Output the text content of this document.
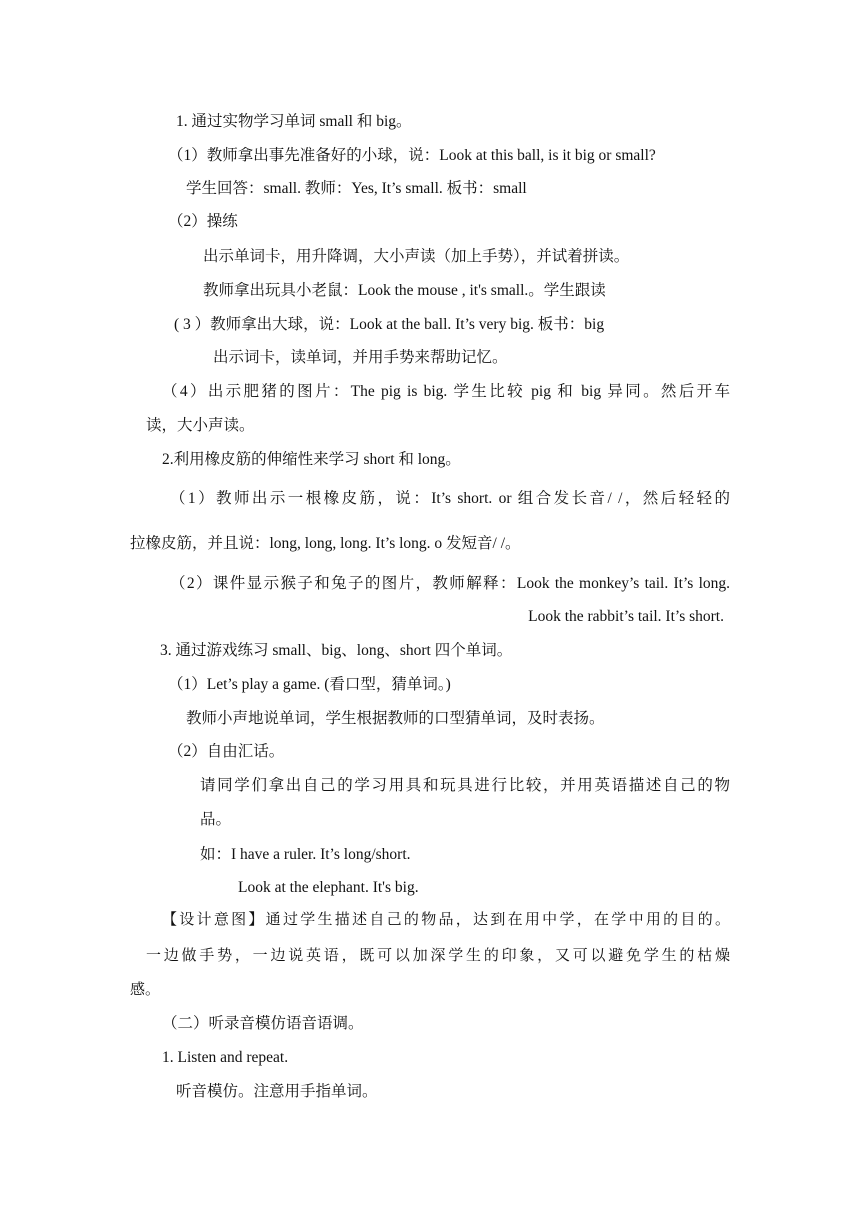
1. 通过实物学习单词 small 和 big。
（1）教师拿出事先准备好的小球，说：Look at this ball, is it big or small?
学生回答：small. 教师：Yes, It’s small. 板书：small
（2）操练
出示单词卡，用升降调，大小声读（加上手势），并试着拼读。
教师拿出玩具小老鼠：Look the mouse , it's small.。学生跟读
( 3 ）教师拿出大球，说：Look at the ball. It’s very big. 板书：big
出示词卡，读单词，并用手势来帮助记忆。
（4）出示肥猪的图片：The pig is big. 学生比较 pig 和 big 异同。然后开车
读，大小声读。
2.利用橡皮筋的伸缩性来学习 short 和 long。
（1）教师出示一根橡皮筋，说：It’s short. or 组合发长音/ /，然后轻轻的
拉橡皮筋，并且说：long, long, long. It’s long. o 发短音/ /。
（2）课件显示猴子和兔子的图片，教师解释：Look the monkey’s tail. It’s long.
Look the rabbit’s tail. It’s short.
3. 通过游戏练习 small、big、long、short 四个单词。
（1）Let’s play a game. (看口型，猜单词。)
教师小声地说单词，学生根据教师的口型猜单词，及时表扬。
（2）自由汇话。
请同学们拿出自己的学习用具和玩具进行比较，并用英语描述自己的物
品。
如：I have a ruler. It’s long/short.
Look at the elephant. It's big.
【设计意图】通过学生描述自己的物品，达到在用中学，在学中用的目的。
一边做手势，一边说英语，既可以加深学生的印象，又可以避免学生的枯燥
感。
（二）听录音模仿语音语调。
1. Listen and repeat.
听音模仿。注意用手指单词。
